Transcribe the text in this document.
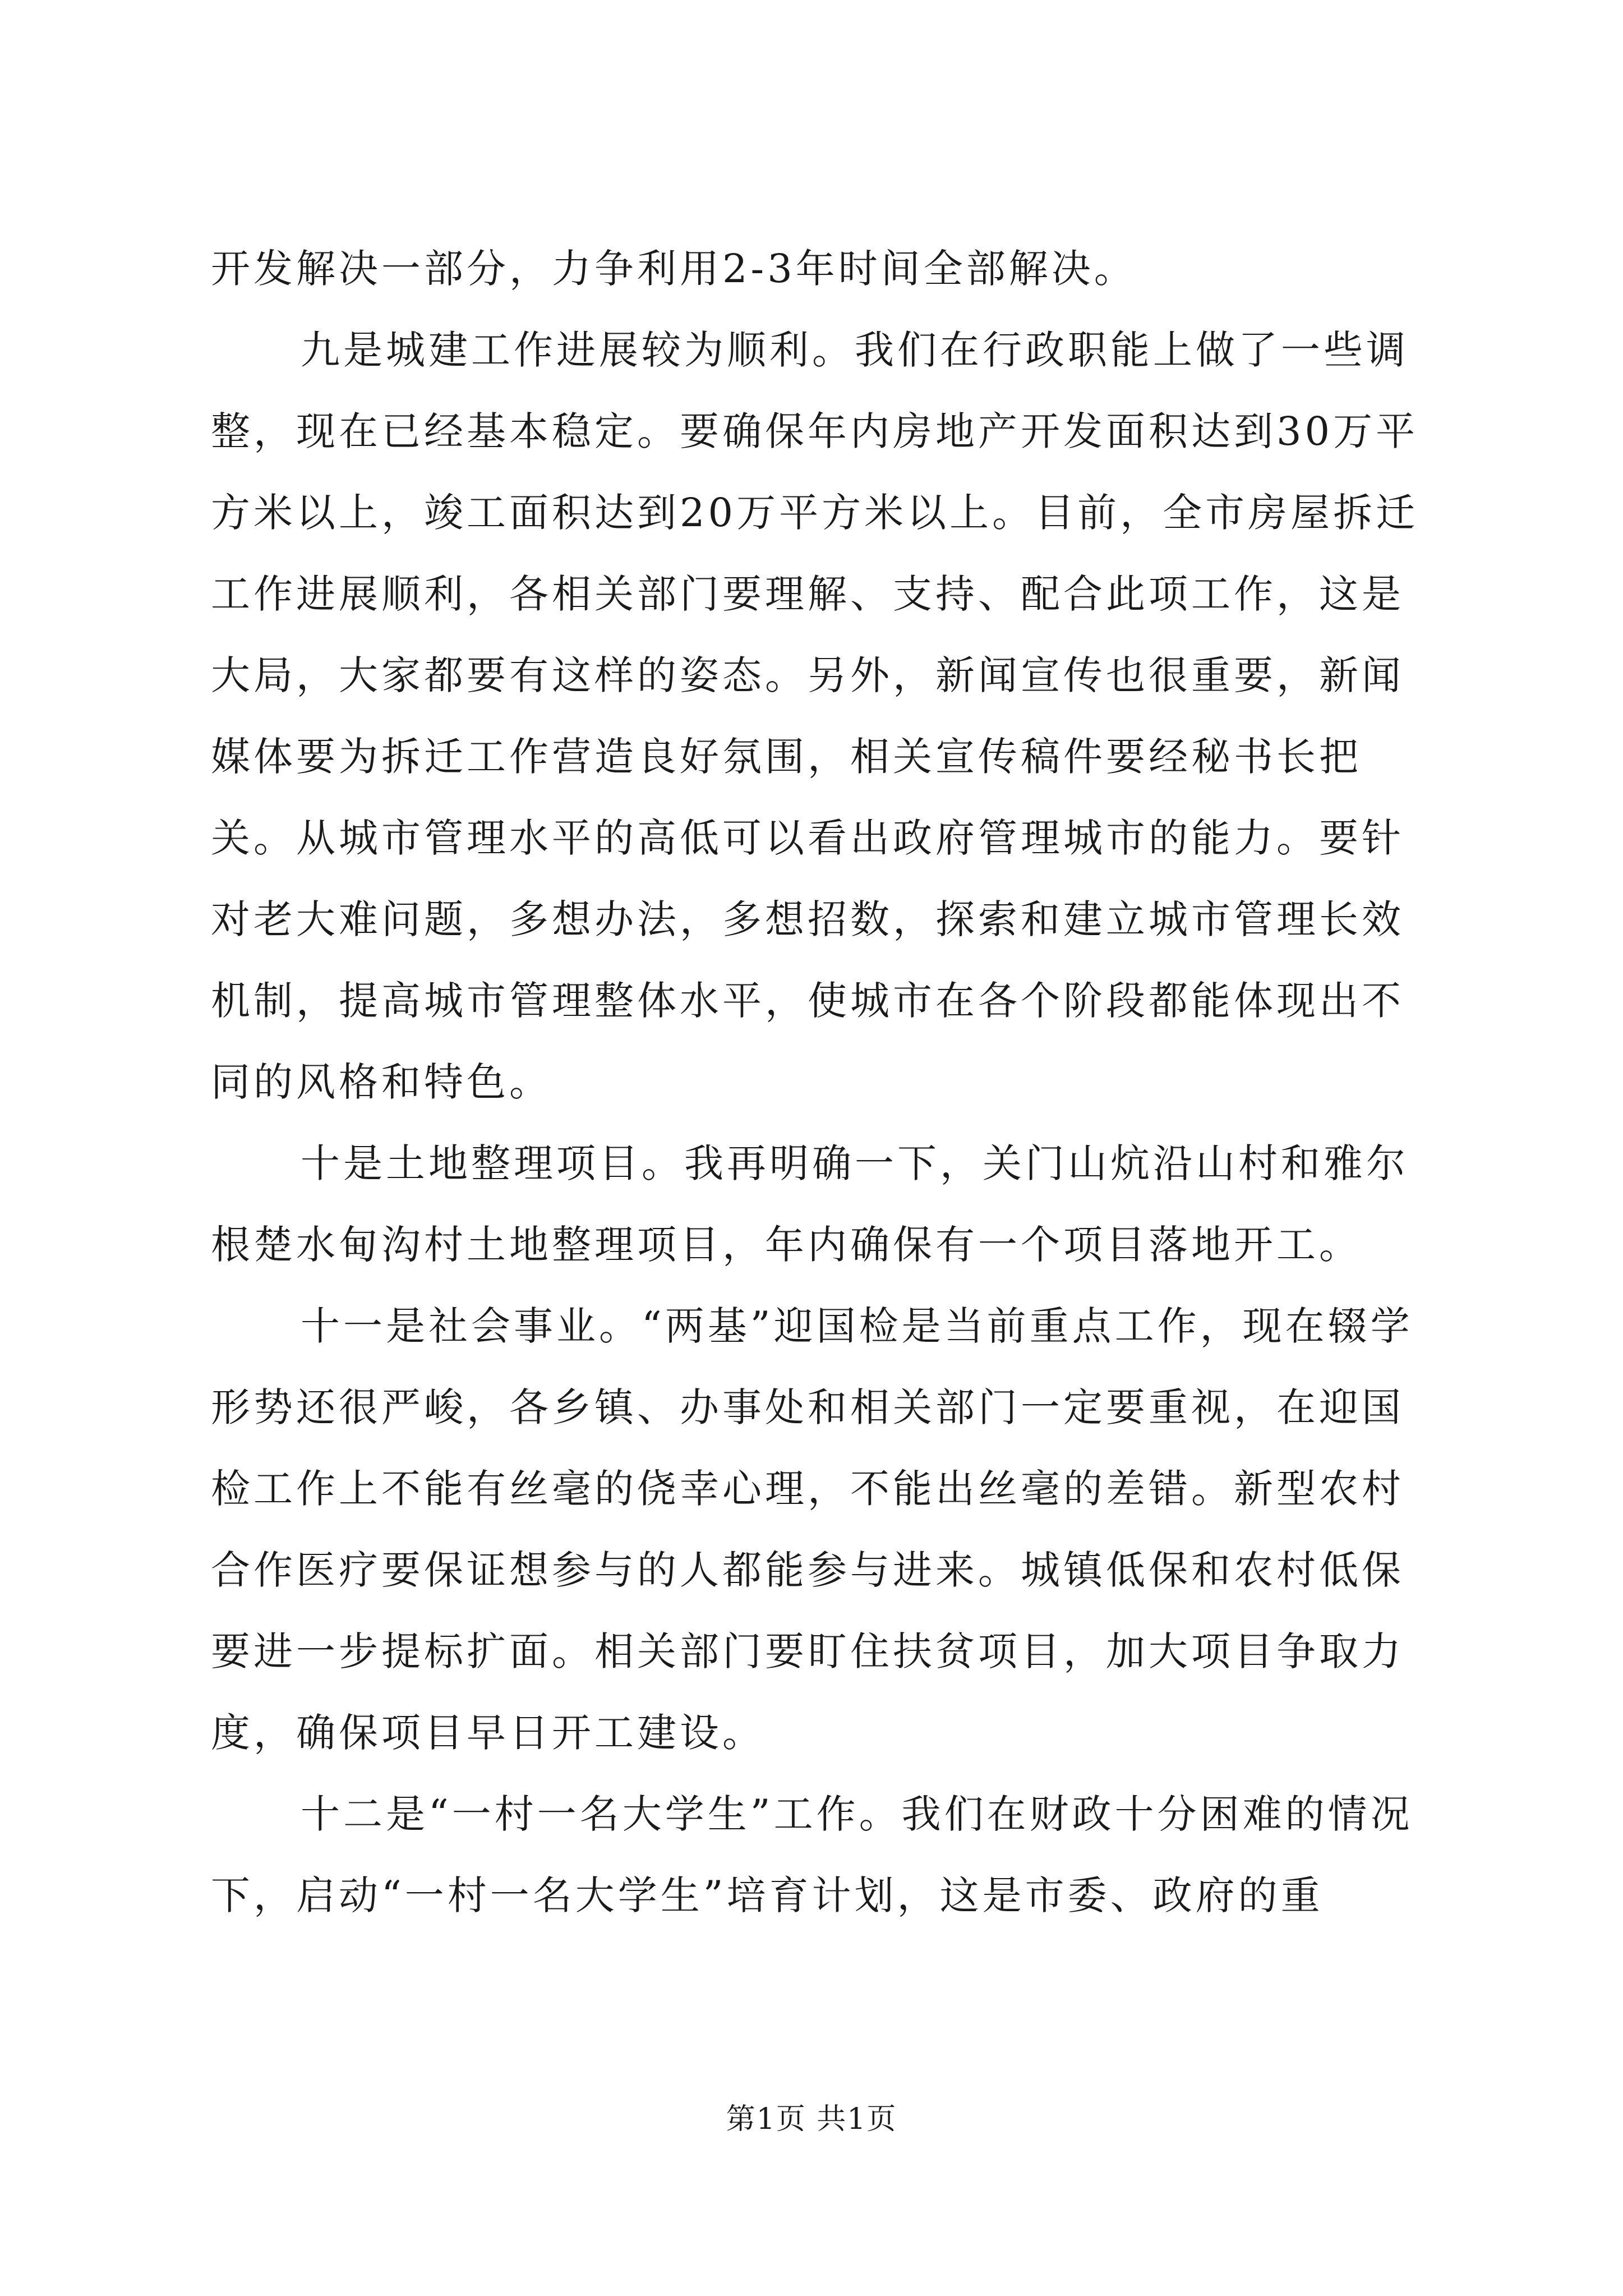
开发解决一部分，力争利用2-3年时间全部解决。

九是城建工作进展较为顺利。我们在行政职能上做了一些调整，现在已经基本稳定。要确保年内房地产开发面积达到30万平方米以上，竣工面积达到20万平方米以上。目前，全市房屋拆迁工作进展顺利，各相关部门要理解、支持、配合此项工作，这是大局，大家都要有这样的姿态。另外，新闻宣传也很重要，新闻媒体要为拆迁工作营造良好氛围，相关宣传稿件要经秘书长把关。从城市管理水平的高低可以看出政府管理城市的能力。要针对老大难问题，多想办法，多想招数，探索和建立城市管理长效机制，提高城市管理整体水平，使城市在各个阶段都能体现出不同的风格和特色。

十是土地整理项目。我再明确一下，关门山炕沿山村和雅尔根楚水甸沟村土地整理项目，年内确保有一个项目落地开工。

十一是社会事业。“两基”迎国检是当前重点工作，现在辍学形势还很严峻，各乡镇、办事处和相关部门一定要重视，在迎国检工作上不能有丝毫的侥幸心理，不能出丝毫的差错。新型农村合作医疗要保证想参与的人都能参与进来。城镇低保和农村低保要进一步提标扩面。相关部门要盯住扶贫项目，加大项目争取力度，确保项目早日开工建设。

十二是“一村一名大学生”工作。我们在财政十分困难的情况下，启动“一村一名大学生”培育计划，这是市委、政府的重

第1页 共1页
